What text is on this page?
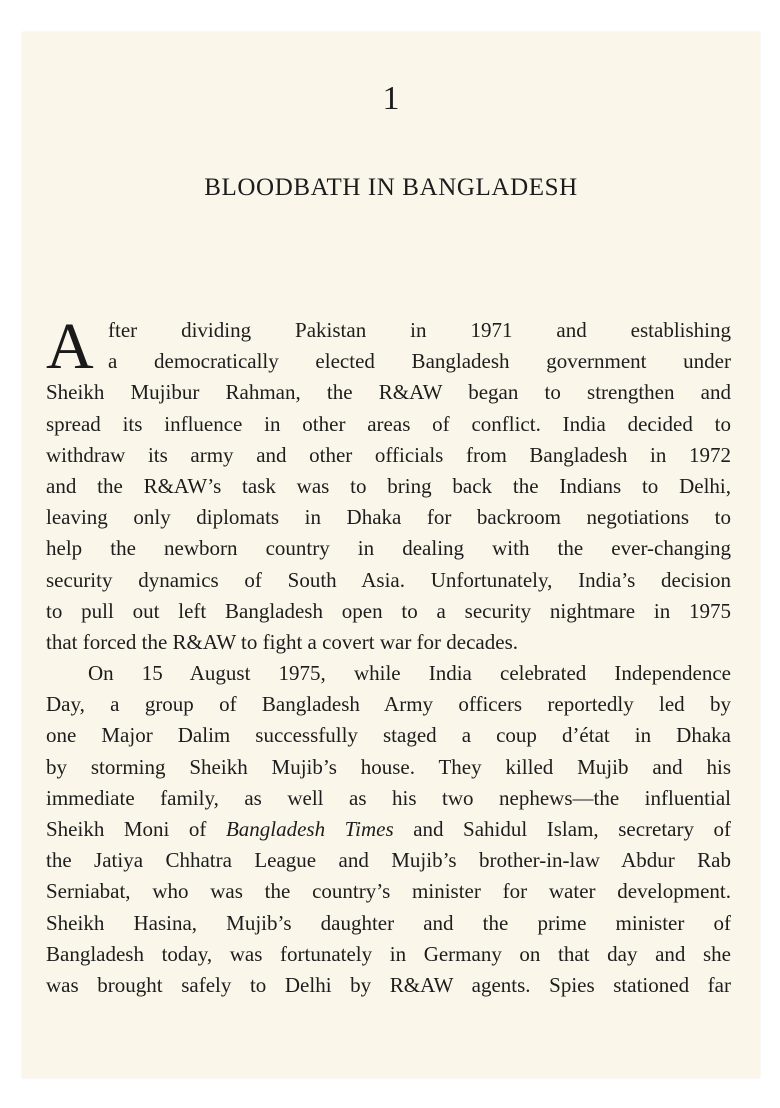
1
BLOODBATH IN BANGLADESH
A fter dividing Pakistan in 1971 and establishing
a democratically elected Bangladesh government under
Sheikh Mujibur Rahman, the R&AW began to strengthen and
spread its influence in other areas of conflict. India decided to
withdraw its army and other officials from Bangladesh in 1972
and the R&AW’s task was to bring back the Indians to Delhi,
leaving only diplomats in Dhaka for backroom negotiations to
help the newborn country in dealing with the ever-changing
security dynamics of South Asia. Unfortunately, India’s decision
to pull out left Bangladesh open to a security nightmare in 1975
that forced the R&AW to fight a covert war for decades.
On 15 August 1975, while India celebrated Independence
Day, a group of Bangladesh Army officers reportedly led by
one Major Dalim successfully staged a coup d’état in Dhaka
by storming Sheikh Mujib’s house. They killed Mujib and his
immediate family, as well as his two nephews—the influential
Sheikh Moni of Bangladesh Times and Sahidul Islam, secretary of
the Jatiya Chhatra League and Mujib’s brother-in-law Abdur Rab
Serniabat, who was the country’s minister for water development.
Sheikh Hasina, Mujib’s daughter and the prime minister of
Bangladesh today, was fortunately in Germany on that day and she
was brought safely to Delhi by R&AW agents. Spies stationed far
